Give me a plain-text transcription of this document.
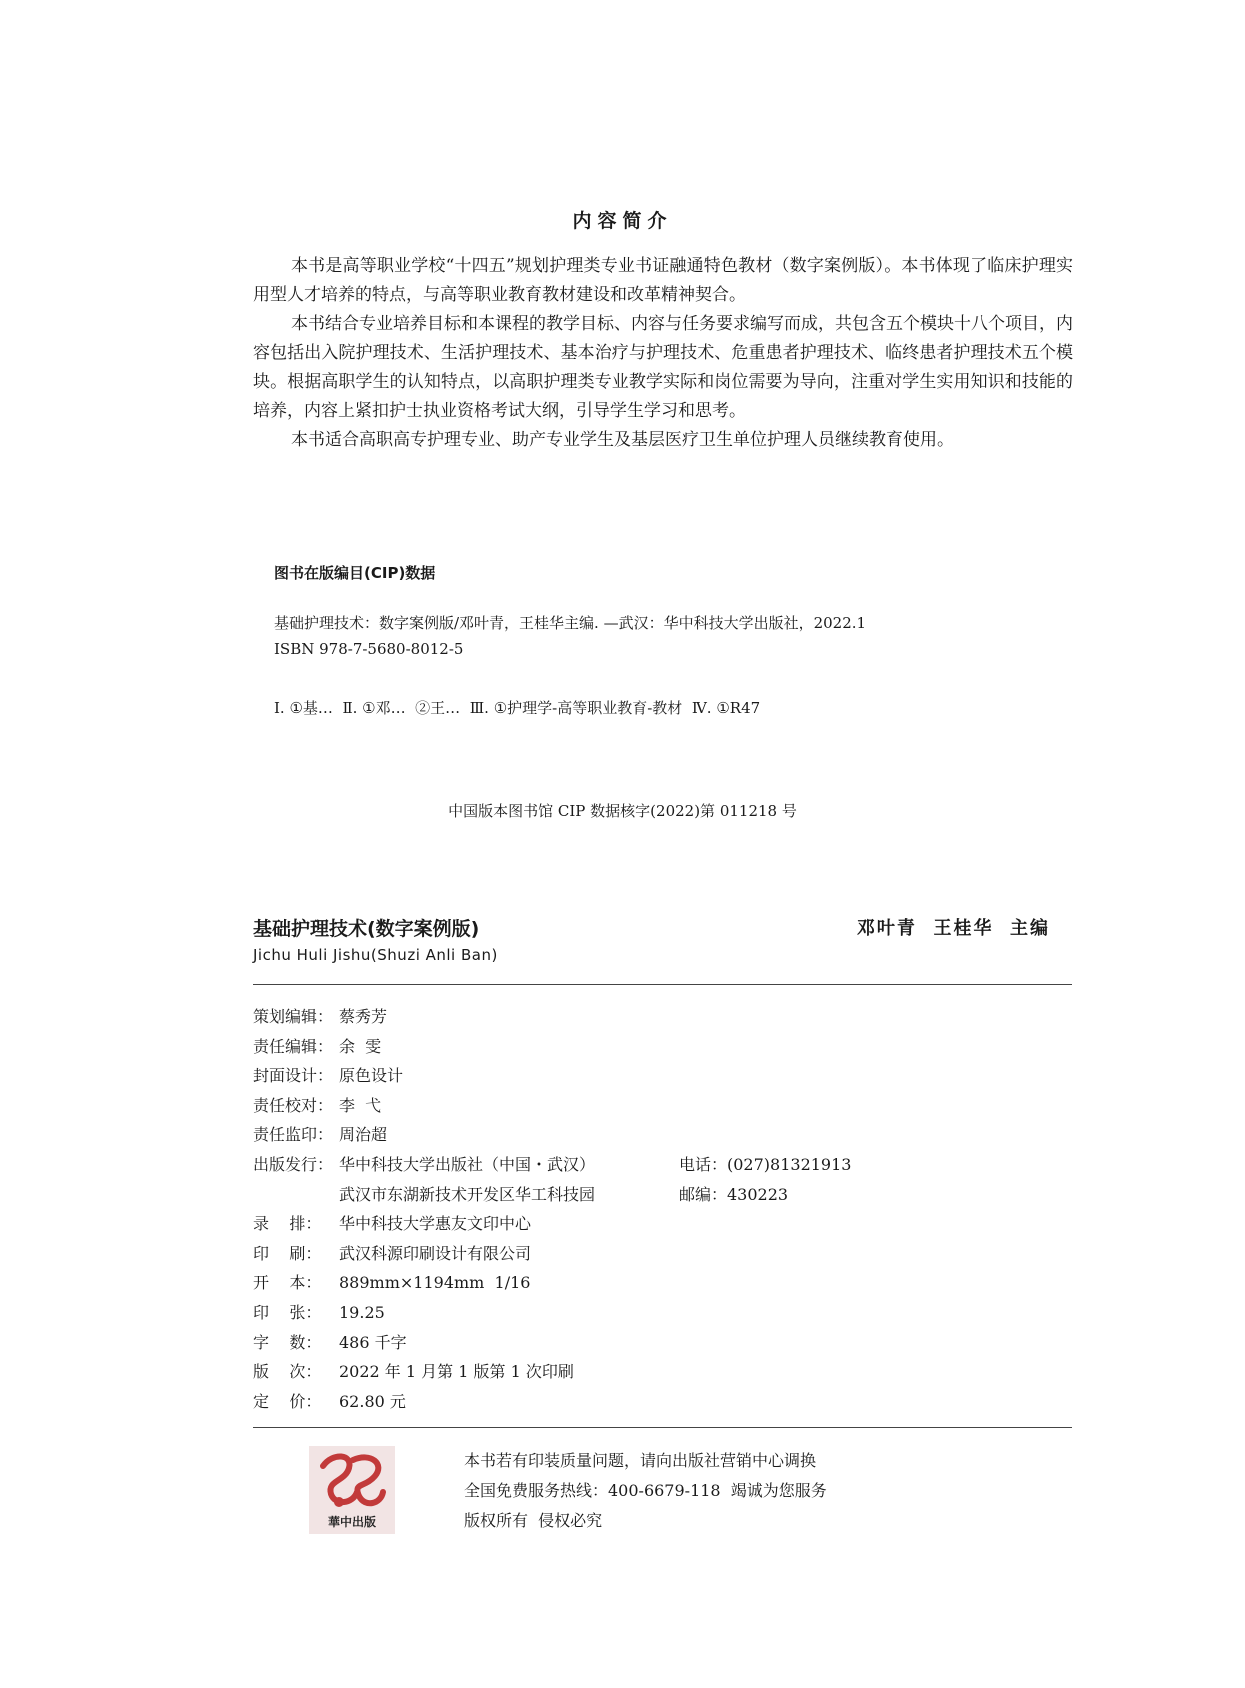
内容简介

本书是高等职业学校“十四五”规划护理类专业书证融通特色教材（数字案例版）。本书体现了临床护理实用型人才培养的特点，与高等职业教育教材建设和改革精神契合。

本书结合专业培养目标和本课程的教学目标、内容与任务要求编写而成，共包含五个模块十八个项目，内容包括出入院护理技术、生活护理技术、基本治疗与护理技术、危重患者护理技术、临终患者护理技术五个模块。根据高职学生的认知特点，以高职护理类专业教学实际和岗位需要为导向，注重对学生实用知识和技能的培养，内容上紧扣护士执业资格考试大纲，引导学生学习和思考。

本书适合高职高专护理专业、助产专业学生及基层医疗卫生单位护理人员继续教育使用。

图书在版编目(CIP)数据
基础护理技术：数字案例版/邓叶青，王桂华主编. —武汉：华中科技大学出版社，2022.1
ISBN 978-7-5680-8012-5
Ⅰ. ①基…  Ⅱ. ①邓…  ②王…  Ⅲ. ①护理学-高等职业教育-教材  Ⅳ. ①R47
中国版本图书馆 CIP 数据核字(2022)第 011218 号
基础护理技术(数字案例版)
Jichu Huli Jishu(Shuzi Anli Ban)
邓叶青  王桂华  主编
策划编辑： 蔡秀芳
责任编辑： 余  雯
封面设计： 原色设计
责任校对： 李  弋
责任监印： 周治超
出版发行： 华中科技大学出版社（中国・武汉）	电话：(027)81321913
武汉市东湖新技术开发区华工科技园	邮编：430223
录    排： 华中科技大学惠友文印中心
印    刷： 武汉科源印刷设计有限公司
开    本： 889mm×1194mm  1/16
印    张： 19.25
字    数： 486 千字
版    次： 2022 年 1 月第 1 版第 1 次印刷
定    价： 62.80 元
華中出版
本书若有印装质量问题，请向出版社营销中心调换
全国免费服务热线：400-6679-118  竭诚为您服务
版权所有  侵权必究
